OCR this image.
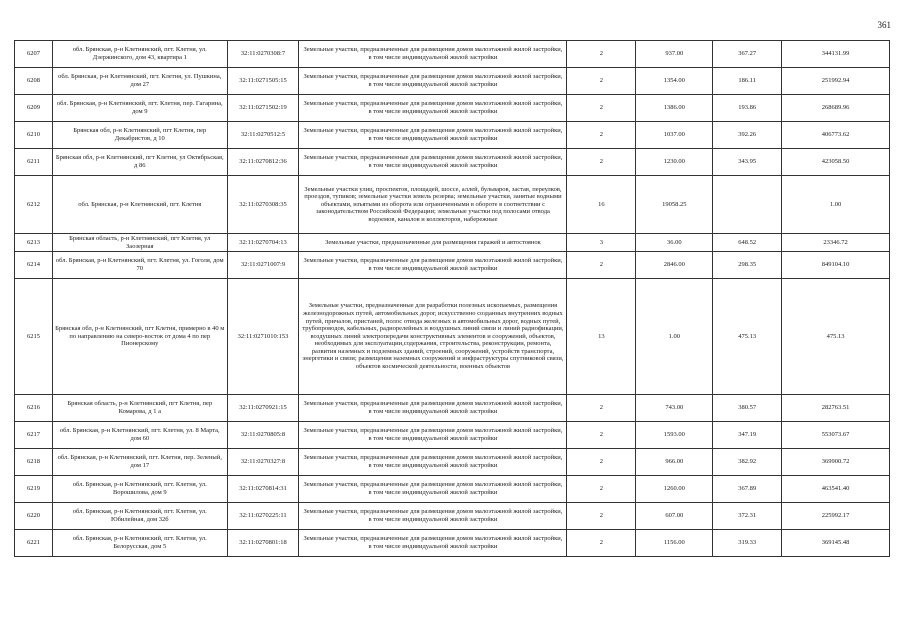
361
6207	обл. Брянская, р-н Клетнянский, пгт. Клетня, ул. Дзержинского, дом 43, квартира 1	32:11:0270308:7	Земельные участки, предназначенные для размещения домов малоэтажной жилой застройки, в том числе индивидуальной жилой застройки	2	937.00	367.27	344131.99
6208	обл. Брянская, р-н Клетнянский, пгт. Клетня, ул. Пушкина, дом 27	32:11:0271505:15	Земельные участки, предназначенные для размещения домов малоэтажной жилой застройки, в том числе индивидуальной жилой застройки	2	1354.00	186.11	251992.94
6209	обл. Брянская, р-н Клетнянский, пгт. Клетня, пер. Гагарина, дом 9	32:11:0271502:19	Земельные участки, предназначенные для размещения домов малоэтажной жилой застройки, в том числе индивидуальной жилой застройки	2	1386.00	193.86	268689.96
6210	Брянская обл, р-н Клетнянский, пгт Клетня, пер Декабристов, д 10	32:11:0270512:5	Земельные участки, предназначенные для размещения домов малоэтажной жилой застройки, в том числе индивидуальной жилой застройки	2	1037.00	392.26	406773.62
6211	Брянская обл, р-н Клетнянский, пгт Клетня, ул Октябрьская, д 86	32:11:0270812:36	Земельные участки, предназначенные для размещения домов малоэтажной жилой застройки, в том числе индивидуальной жилой застройки	2	1230.00	343.95	423058.50
6212	обл. Брянская, р-н Клетнянский, пгт. Клетня	32:11:0270308:35	Земельные участки улиц, проспектов, площадей, шоссе, аллей, бульваров, застав, переулков, проездов, тупиков; земельные участки земель резерва; земельные участки, занятые водными объектами, изъятыми из оборота или ограниченными в обороте в соответствии с законодательством Российской Федерации; земельные участки под полосами отвода водоемов, каналов и коллекторов, набережные	16	19058.25		1.00
6213	Брянская область, р-н Клетнянский, пгт Клетня, ул Заозерная	32:11:0270704:13	Земельные участки, предназначенные для размещения гаражей и автостоянок	3	36.00	648.52	23346.72
6214	обл. Брянская, р-н Клетнянский, пгт. Клетня, ул. Гоголя, дом 70	32:11:0271007:9	Земельные участки, предназначенные для размещения домов малоэтажной жилой застройки, в том числе индивидуальной жилой застройки	2	2846.00	298.35	849104.10
6215	Брянская обл, р-н Клетнянский, пгт Клетня, примерно в 40 м по направлению на северо-восток от дома 4 по пер Пионерскому	32:11:0271010:153	Земельные участки, предназначенные для разработки полезных ископаемых, размещения железнодорожных путей, автомобильных дорог, искусственно созданных внутренних водных путей, причалов, пристаней, полос отвода железных и автомобильных дорог, водных путей, трубопроводов, кабельных, радиорелейных и воздушных линий связи и линий радиофикации, воздушных линий электропередачи конструктивных элементов и сооружений, объектов, необходимых для эксплуатации,содержания, строительства, реконструкции, ремонта, развития наземных и подземных зданий, строений, сооружений, устройств транспорта, энергетики и связи; размещения наземных сооружений и инфраструктуры спутниковой связи, объектов космической деятельности, военных объектов	13	1.00	475.13	475.13
6216	Брянская область, р-н Клетнянский, пгт Клетня, пер Комарова, д 1 а	32:11:0270921:15	Земельные участки, предназначенные для размещения домов малоэтажной жилой застройки, в том числе индивидуальной жилой застройки	2	743.00	380.57	282763.51
6217	обл. Брянская, р-н Клетнянский, пгт. Клетня, ул. 8 Марта, дом 60	32:11:0270805:8	Земельные участки, предназначенные для размещения домов малоэтажной жилой застройки, в том числе индивидуальной жилой застройки	2	1593.00	347.19	553073.67
6218	обл. Брянская, р-н Клетнянский, пгт. Клетня, пер. Зеленый, дом 17	32:11:0270327:8	Земельные участки, предназначенные для размещения домов малоэтажной жилой застройки, в том числе индивидуальной жилой застройки	2	966.00	382.92	369900.72
6219	обл. Брянская, р-н Клетнянский, пгт. Клетня, ул. Ворошилова, дом 9	32:11:0270814:31	Земельные участки, предназначенные для размещения домов малоэтажной жилой застройки, в том числе индивидуальной жилой застройки	2	1260.00	367.89	463541.40
6220	обл. Брянская, р-н Клетнянский, пгт. Клетня, ул. Юбилейная, дом 32б	32:11:0270225:11	Земельные участки, предназначенные для размещения домов малоэтажной жилой застройки, в том числе индивидуальной жилой застройки	2	607.00	372.31	225992.17
6221	обл. Брянская, р-н Клетнянский, пгт. Клетня, ул. Белорусская, дом 5	32:11:0270801:18	Земельные участки, предназначенные для размещения домов малоэтажной жилой застройки, в том числе индивидуальной жилой застройки	2	1156.00	319.33	369145.48
